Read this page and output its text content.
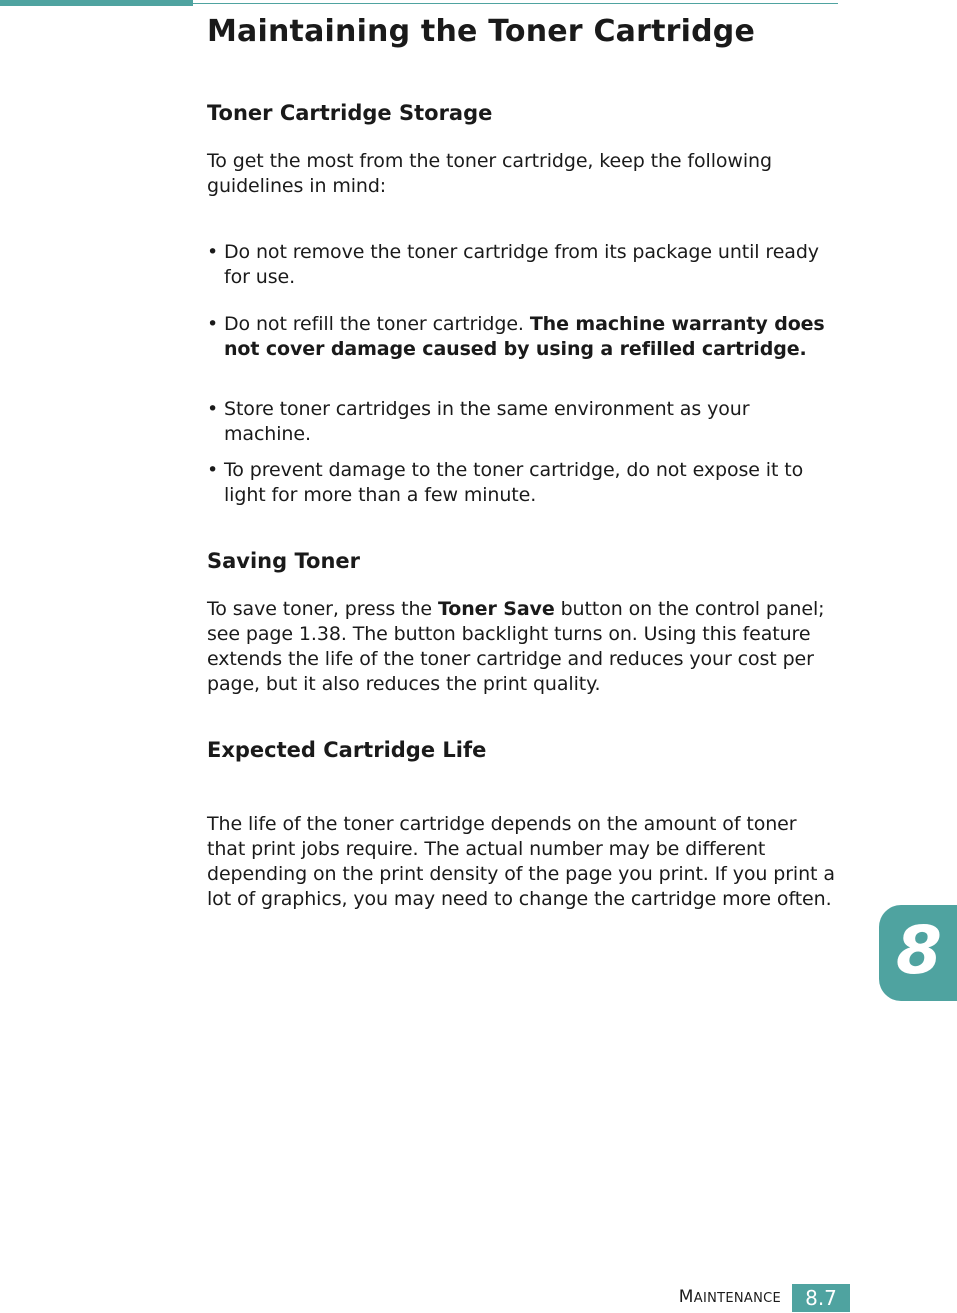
Maintaining the Toner Cartridge
Toner Cartridge Storage

To get the most from the toner cartridge, keep the following guidelines in mind:

• Do not remove the toner cartridge from its package until ready for use.
• Do not refill the toner cartridge. The machine warranty does not cover damage caused by using a refilled cartridge.
• Store toner cartridges in the same environment as your machine.
• To prevent damage to the toner cartridge, do not expose it to light for more than a few minute.
Saving Toner

To save toner, press the Toner Save button on the control panel; see page 1.38. The button backlight turns on. Using this feature extends the life of the toner cartridge and reduces your cost per page, but it also reduces the print quality.

Expected Cartridge Life

The life of the toner cartridge depends on the amount of toner that print jobs require. The actual number may be different depending on the print density of the page you print. If you print a lot of graphics, you may need to change the cartridge more often.

8
MAINTENANCE	8.7
